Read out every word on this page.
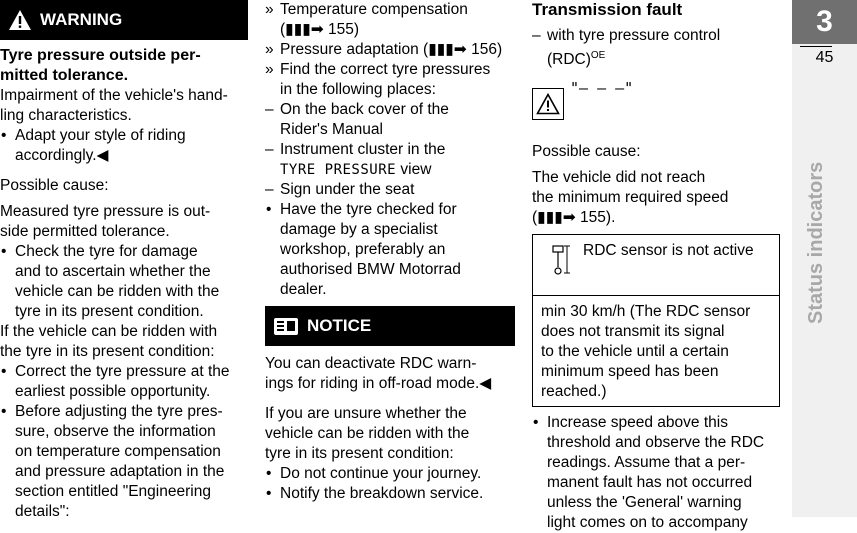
WARNING

Tyre pressure outside per-

mitted tolerance.

Impairment of the vehicle's hand-

ling characteristics.

• Adapt your style of riding

accordingly.◀

Possible cause:

Measured tyre pressure is out-

side permitted tolerance.

• Check the tyre for damage

and to ascertain whether the

vehicle can be ridden with the

tyre in its present condition.

If the vehicle can be ridden with

the tyre in its present condition:

• Correct the tyre pressure at the

earliest possible opportunity.

• Before adjusting the tyre pres-

sure, observe the information

on temperature compensation

and pressure adaptation in the

section entitled "Engineering

details":

» Temperature compensation

(▮▮▮➡ 155)

» Pressure adaptation (▮▮▮➡ 156)

» Find the correct tyre pressures

in the following places:

– On the back cover of the

Rider's Manual

– Instrument cluster in the

TYRE PRESSURE view

– Sign under the seat

• Have the tyre checked for

damage by a specialist

workshop, preferably an

authorised BMW Motorrad

dealer.

NOTICE

You can deactivate RDC warn-

ings for riding in off-road mode.◀

If you are unsure whether the

vehicle can be ridden with the

tyre in its present condition:

• Do not continue your journey.

• Notify the breakdown service.

Transmission fault

– with tyre pressure control

(RDC)$^{OE}$

"– – –"

Possible cause:

The vehicle did not reach

the minimum required speed

(▮▮▮➡ 155).

RDC sensor is not active

min 30 km/h (The RDC sensor

does not transmit its signal

to the vehicle until a certain

minimum speed has been

reached.)

• Increase speed above this

threshold and observe the RDC

readings. Assume that a per-

manent fault has not occurred

unless the 'General' warning

light comes on to accompany

3
45
Status indicators
